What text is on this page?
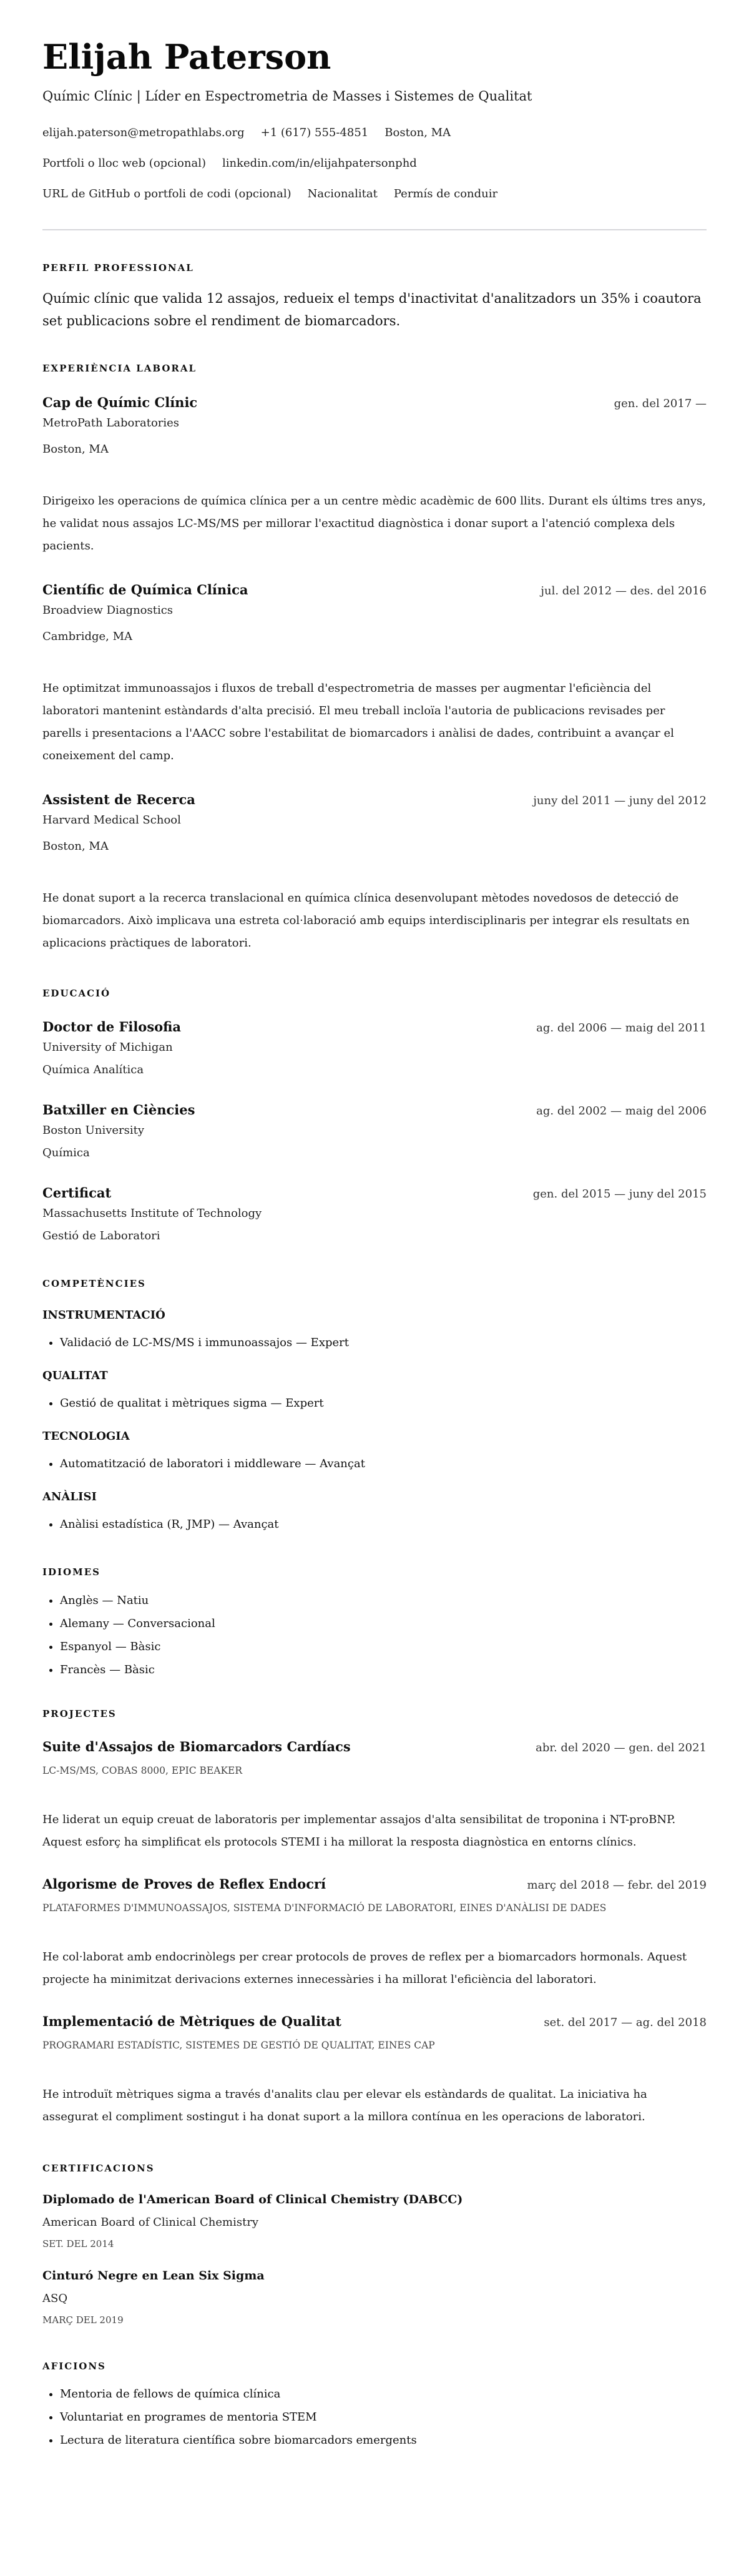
Elijah Paterson
Químic Clínic | Líder en Espectrometria de Masses i Sistemes de Qualitat
elijah.paterson@metropathlabs.org +1 (617) 555-4851 Boston, MA
Portfoli o lloc web (opcional) linkedin.com/in/elijahpatersonphd
URL de GitHub o portfoli de codi (opcional) Nacionalitat Permís de conduir
PERFIL PROFESSIONAL
Químic clínic que valida 12 assajos, redueix el temps d'inactivitat d'analitzadors un 35% i coautora set publicacions sobre el rendiment de biomarcadors.
EXPERIÈNCIA LABORAL
Cap de Químic Clínic	gen. del 2017 —
MetroPath Laboratories
Boston, MA
Dirigeixo les operacions de química clínica per a un centre mèdic acadèmic de 600 llits. Durant els últims tres anys, he validat nous assajos LC-MS/MS per millorar l'exactitud diagnòstica i donar suport a l'atenció complexa dels pacients.
Científic de Química Clínica	jul. del 2012 — des. del 2016
Broadview Diagnostics
Cambridge, MA
He optimitzat immunoassajos i fluxos de treball d'espectrometria de masses per augmentar l'eficiència del laboratori mantenint estàndards d'alta precisió. El meu treball incloïa l'autoria de publicacions revisades per parells i presentacions a l'AACC sobre l'estabilitat de biomarcadors i anàlisi de dades, contribuint a avançar el coneixement del camp.
Assistent de Recerca	juny del 2011 — juny del 2012
Harvard Medical School
Boston, MA
He donat suport a la recerca translacional en química clínica desenvolupant mètodes novedosos de detecció de biomarcadors. Això implicava una estreta col·laboració amb equips interdisciplinaris per integrar els resultats en aplicacions pràctiques de laboratori.
EDUCACIÓ
Doctor de Filosofia	ag. del 2006 — maig del 2011
University of Michigan
Química Analítica
Batxiller en Ciències	ag. del 2002 — maig del 2006
Boston University
Química
Certificat	gen. del 2015 — juny del 2015
Massachusetts Institute of Technology
Gestió de Laboratori
COMPETÈNCIES
INSTRUMENTACIÓ
• Validació de LC-MS/MS i immunoassajos — Expert
QUALITAT
• Gestió de qualitat i mètriques sigma — Expert
TECNOLOGIA
• Automatització de laboratori i middleware — Avançat
ANÀLISI
• Anàlisi estadística (R, JMP) — Avançat
IDIOMES
• Anglès — Natiu
• Alemany — Conversacional
• Espanyol — Bàsic
• Francès — Bàsic
PROJECTES
Suite d'Assajos de Biomarcadors Cardíacs	abr. del 2020 — gen. del 2021
LC-MS/MS, COBAS 8000, EPIC BEAKER
He liderat un equip creuat de laboratoris per implementar assajos d'alta sensibilitat de troponina i NT-proBNP. Aquest esforç ha simplificat els protocols STEMI i ha millorat la resposta diagnòstica en entorns clínics.
Algorisme de Proves de Reflex Endocrí	març del 2018 — febr. del 2019
PLATAFORMES D'IMMUNOASSAJOS, SISTEMA D'INFORMACIÓ DE LABORATORI, EINES D'ANÀLISI DE DADES
He col·laborat amb endocrinòlegs per crear protocols de proves de reflex per a biomarcadors hormonals. Aquest projecte ha minimitzat derivacions externes innecessàries i ha millorat l'eficiència del laboratori.
Implementació de Mètriques de Qualitat	set. del 2017 — ag. del 2018
PROGRAMARI ESTADÍSTIC, SISTEMES DE GESTIÓ DE QUALITAT, EINES CAP
He introduït mètriques sigma a través d'analits clau per elevar els estàndards de qualitat. La iniciativa ha assegurat el compliment sostingut i ha donat suport a la millora contínua en les operacions de laboratori.
CERTIFICACIONS
Diplomado de l'American Board of Clinical Chemistry (DABCC)
American Board of Clinical Chemistry
SET. DEL 2014
Cinturó Negre en Lean Six Sigma
ASQ
MARÇ DEL 2019
AFICIONS
• Mentoria de fellows de química clínica
• Voluntariat en programes de mentoria STEM
• Lectura de literatura científica sobre biomarcadors emergents
